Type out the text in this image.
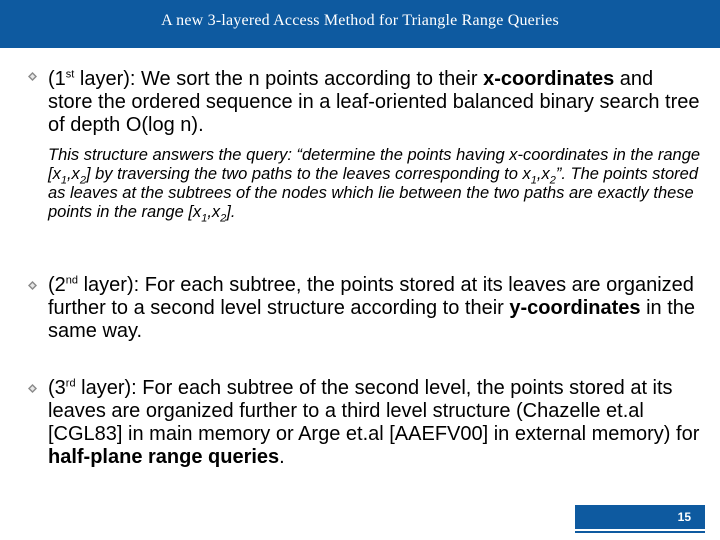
A new 3-layered Access Method for Triangle Range Queries

(1st layer): We sort the n points according to their x-coordinates and store the ordered sequence in a leaf-oriented balanced binary search tree of depth O(log n).

This structure answers the query: “determine the points having x-coordinates in the range $[x_1,x_2]$ by traversing the two paths to the leaves corresponding to $x_1,x_2$”. The points stored as leaves at the subtrees of the nodes which lie between the two paths are exactly these points in the range $[x_1,x_2]$.

(2nd layer): For each subtree, the points stored at its leaves are organized further to a second level structure according to their y-coordinates in the same way.

(3rd layer): For each subtree of the second level, the points stored at its leaves are organized further to a third level structure (Chazelle et.al [CGL83] in main memory or Arge et.al [AAEFV00] in external memory) for half-plane range queries.

15
